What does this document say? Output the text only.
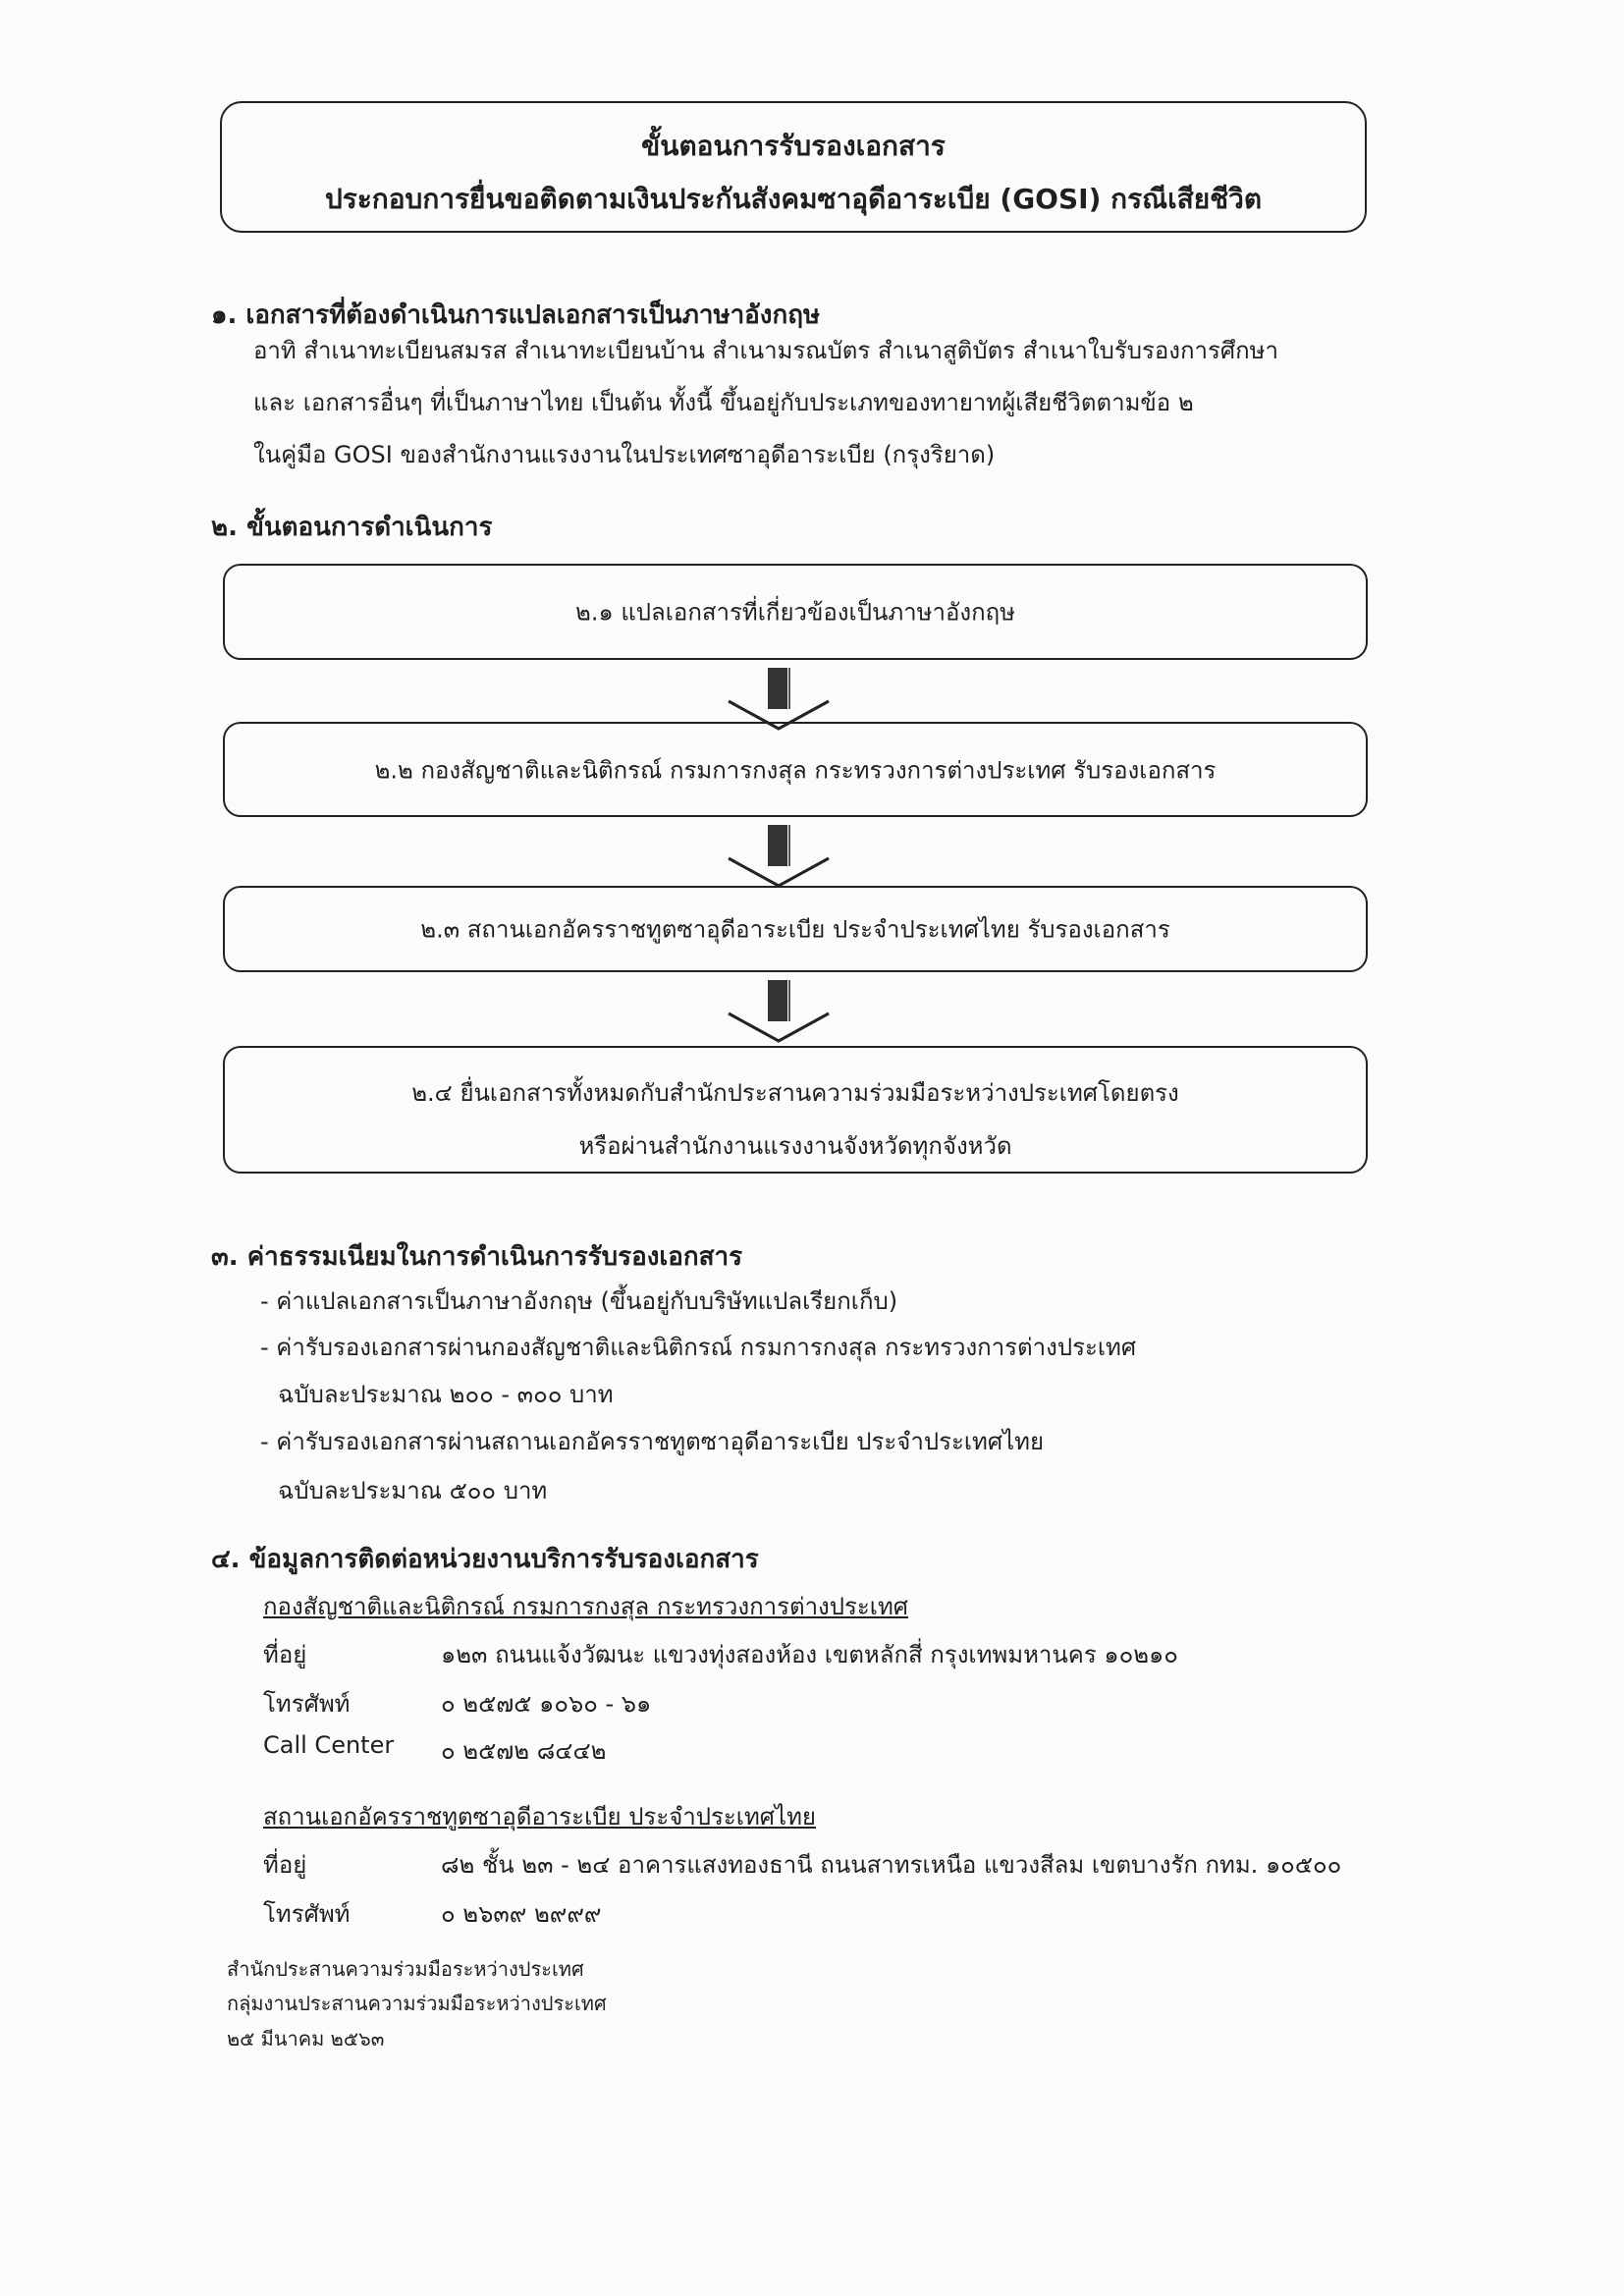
ขั้นตอนการรับรองเอกสาร
ประกอบการยื่นขอติดตามเงินประกันสังคมซาอุดีอาระเบีย (GOSI) กรณีเสียชีวิต
๑. เอกสารที่ต้องดำเนินการแปลเอกสารเป็นภาษาอังกฤษ
อาทิ สำเนาทะเบียนสมรส สำเนาทะเบียนบ้าน สำเนามรณบัตร สำเนาสูติบัตร สำเนาใบรับรองการศึกษา
และ เอกสารอื่นๆ ที่เป็นภาษาไทย เป็นต้น ทั้งนี้ ขึ้นอยู่กับประเภทของทายาทผู้เสียชีวิตตามข้อ ๒
ในคู่มือ GOSI ของสำนักงานแรงงานในประเทศซาอุดีอาระเบีย (กรุงริยาด)
๒. ขั้นตอนการดำเนินการ
๒.๑ แปลเอกสารที่เกี่ยวข้องเป็นภาษาอังกฤษ
๒.๒ กองสัญชาติและนิติกรณ์ กรมการกงสุล กระทรวงการต่างประเทศ รับรองเอกสาร
๒.๓ สถานเอกอัครราชทูตซาอุดีอาระเบีย ประจำประเทศไทย รับรองเอกสาร
๒.๔ ยื่นเอกสารทั้งหมดกับสำนักประสานความร่วมมือระหว่างประเทศโดยตรง
หรือผ่านสำนักงานแรงงานจังหวัดทุกจังหวัด
๓. ค่าธรรมเนียมในการดำเนินการรับรองเอกสาร
- ค่าแปลเอกสารเป็นภาษาอังกฤษ (ขึ้นอยู่กับบริษัทแปลเรียกเก็บ)
- ค่ารับรองเอกสารผ่านกองสัญชาติและนิติกรณ์ กรมการกงสุล กระทรวงการต่างประเทศ
ฉบับละประมาณ ๒๐๐ - ๓๐๐ บาท
- ค่ารับรองเอกสารผ่านสถานเอกอัครราชทูตซาอุดีอาระเบีย ประจำประเทศไทย
ฉบับละประมาณ ๕๐๐ บาท
๔. ข้อมูลการติดต่อหน่วยงานบริการรับรองเอกสาร
กองสัญชาติและนิติกรณ์ กรมการกงสุล กระทรวงการต่างประเทศ
ที่อยู่	๑๒๓ ถนนแจ้งวัฒนะ แขวงทุ่งสองห้อง เขตหลักสี่ กรุงเทพมหานคร ๑๐๒๑๐
โทรศัพท์	๐ ๒๕๗๕ ๑๐๖๐ - ๖๑
Call Center ๐ ๒๕๗๒ ๘๔๔๒
สถานเอกอัครราชทูตซาอุดีอาระเบีย ประจำประเทศไทย
ที่อยู่	๘๒ ชั้น ๒๓ - ๒๔ อาคารแสงทองธานี ถนนสาทรเหนือ แขวงสีลม เขตบางรัก กทม. ๑๐๕๐๐
โทรศัพท์	๐ ๒๖๓๙ ๒๙๙๙
สำนักประสานความร่วมมือระหว่างประเทศ
กลุ่มงานประสานความร่วมมือระหว่างประเทศ
๒๕ มีนาคม ๒๕๖๓
